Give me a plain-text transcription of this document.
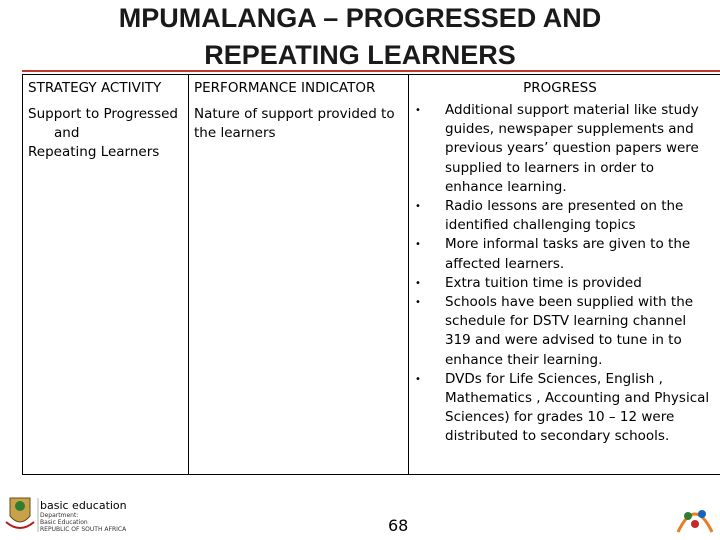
MPUMALANGA – PROGRESSED AND
REPEATING LEARNERS
STRATEGY ACTIVITY PERFORMANCE INDICATOR	PROGRESS
Support to Progressed
and
Repeating Learners
Nature of support provided to the learners
• Additional support material like study guides, newspaper supplements and previous years’ question papers were supplied to learners in order to enhance learning.
• Radio lessons are presented on the identified challenging topics
• More informal tasks are given to the affected learners.
• Extra tuition time is provided
• Schools have been supplied with the schedule for DSTV learning channel 319 and were advised to tune in to enhance their learning.
• DVDs for Life Sciences, English , Mathematics , Accounting and Physical Sciences) for grades 10 – 12 were distributed to secondary schools.
basic education
Department:
Basic Education
REPUBLIC OF SOUTH AFRICA	68
